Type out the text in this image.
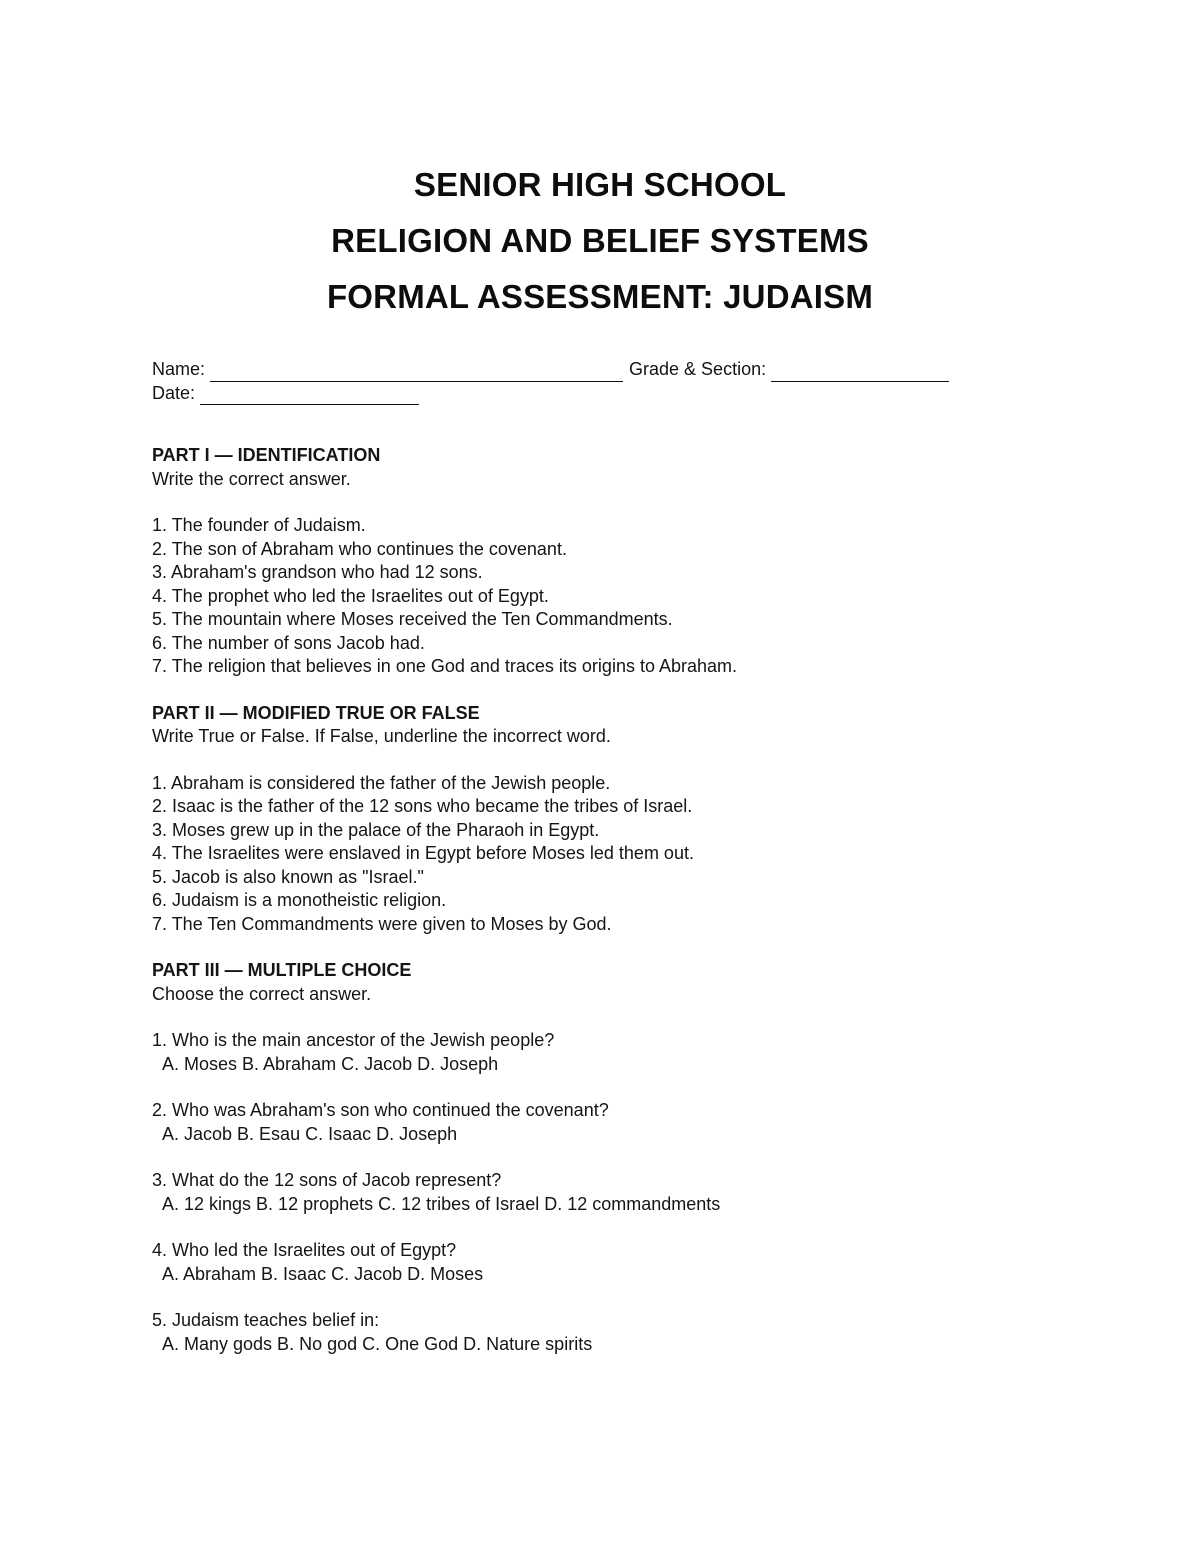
SENIOR HIGH SCHOOL
RELIGION AND BELIEF SYSTEMS
FORMAL ASSESSMENT: JUDAISM
Name:	Grade & Section:
Date:
PART I — IDENTIFICATION
Write the correct answer.
1. The founder of Judaism.
2. The son of Abraham who continues the covenant.
3. Abraham's grandson who had 12 sons.
4. The prophet who led the Israelites out of Egypt.
5. The mountain where Moses received the Ten Commandments.
6. The number of sons Jacob had.
7. The religion that believes in one God and traces its origins to Abraham.
PART II — MODIFIED TRUE OR FALSE
Write True or False. If False, underline the incorrect word.
1. Abraham is considered the father of the Jewish people.
2. Isaac is the father of the 12 sons who became the tribes of Israel.
3. Moses grew up in the palace of the Pharaoh in Egypt.
4. The Israelites were enslaved in Egypt before Moses led them out.
5. Jacob is also known as "Israel."
6. Judaism is a monotheistic religion.
7. The Ten Commandments were given to Moses by God.
PART III — MULTIPLE CHOICE
Choose the correct answer.
1. Who is the main ancestor of the Jewish people?
A. Moses B. Abraham C. Jacob D. Joseph
2. Who was Abraham's son who continued the covenant?
A. Jacob B. Esau C. Isaac D. Joseph
3. What do the 12 sons of Jacob represent?
A. 12 kings B. 12 prophets C. 12 tribes of Israel D. 12 commandments
4. Who led the Israelites out of Egypt?
A. Abraham B. Isaac C. Jacob D. Moses
5. Judaism teaches belief in:
A. Many gods B. No god C. One God D. Nature spirits
